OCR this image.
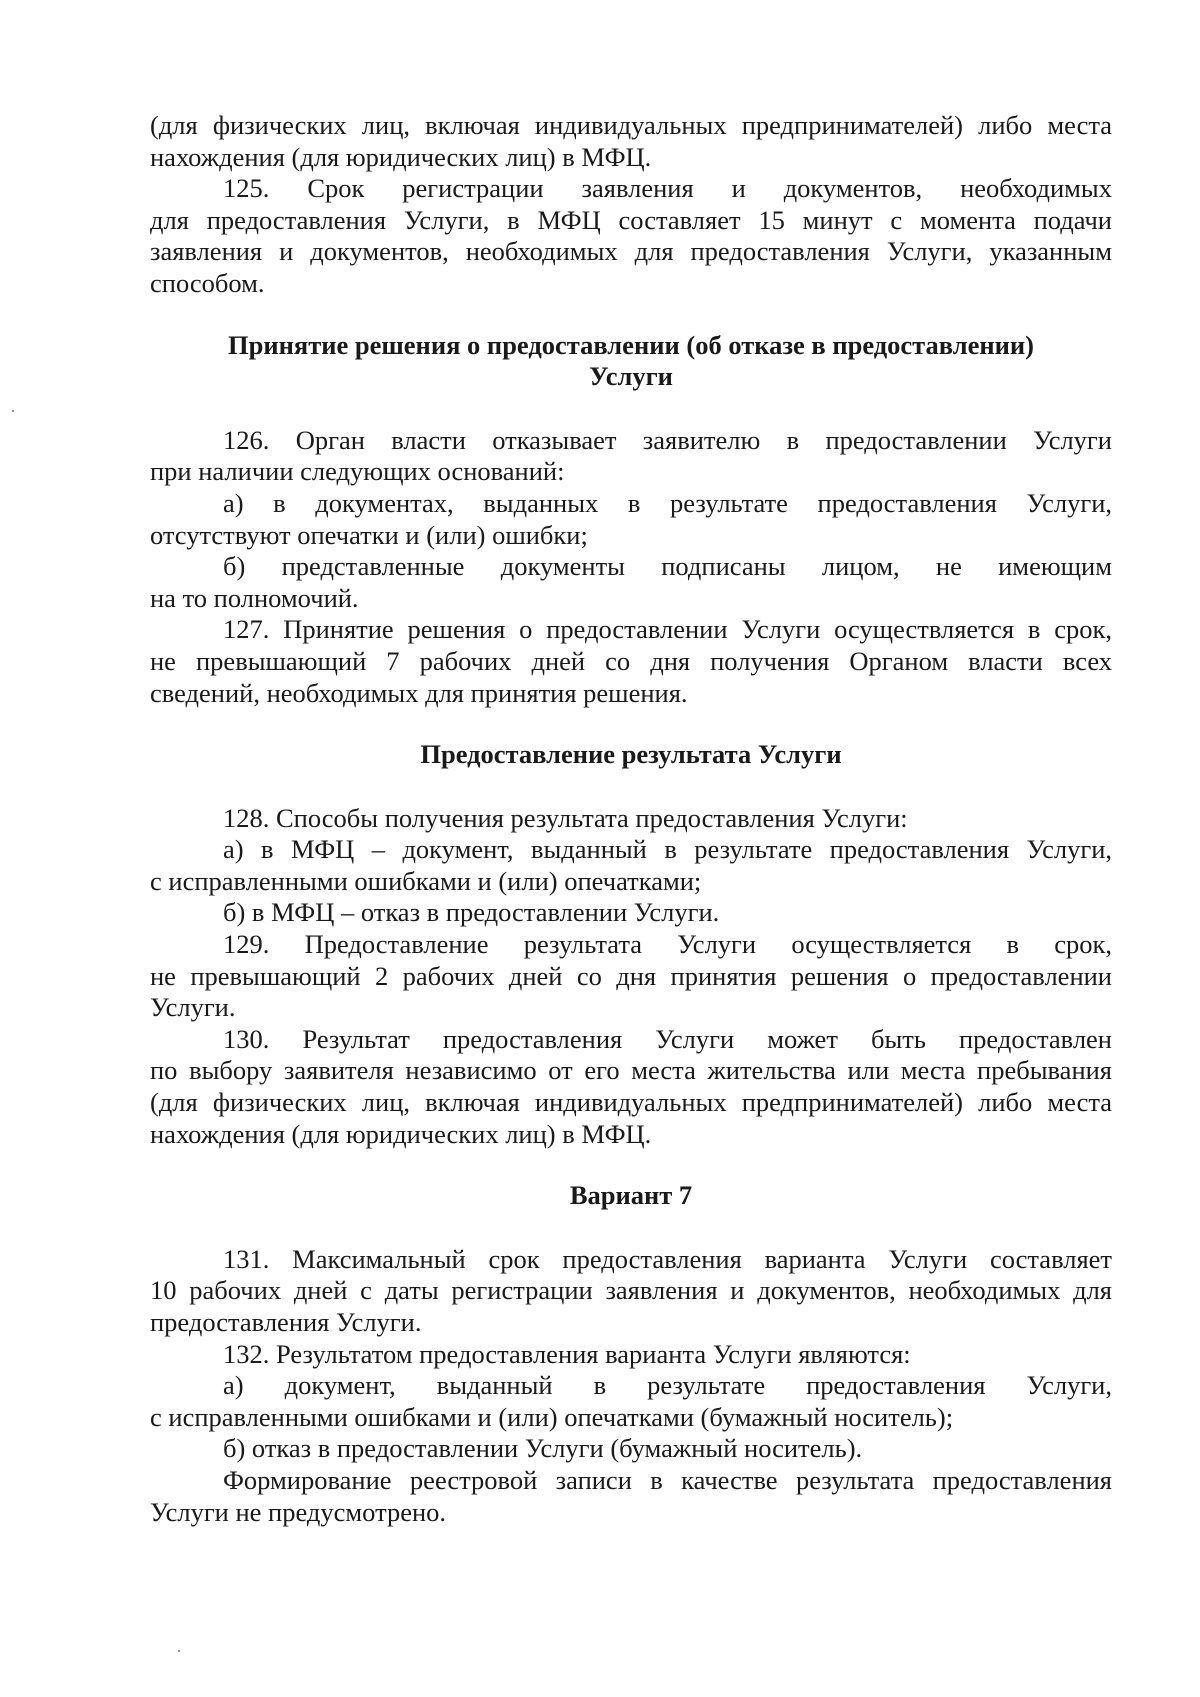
(для физических лиц, включая индивидуальных предпринимателей) либо места

нахождения (для юридических лиц) в МФЦ.

125. Срок регистрации заявления и документов, необходимых

для предоставления Услуги, в МФЦ составляет 15 минут с момента подачи

заявления и документов, необходимых для предоставления Услуги, указанным

способом.

Принятие решения о предоставлении (об отказе в предоставлении)

Услуги

126. Орган власти отказывает заявителю в предоставлении Услуги

при наличии следующих оснований:

а) в документах, выданных в результате предоставления Услуги,

отсутствуют опечатки и (или) ошибки;

б) представленные документы подписаны лицом, не имеющим

на то полномочий.

127. Принятие решения о предоставлении Услуги осуществляется в срок,

не превышающий 7 рабочих дней со дня получения Органом власти всех

сведений, необходимых для принятия решения.

Предоставление результата Услуги

128. Способы получения результата предоставления Услуги:

а) в МФЦ – документ, выданный в результате предоставления Услуги,

с исправленными ошибками и (или) опечатками;

б) в МФЦ – отказ в предоставлении Услуги.

129. Предоставление результата Услуги осуществляется в срок,

не превышающий 2 рабочих дней со дня принятия решения о предоставлении

Услуги.

130. Результат предоставления Услуги может быть предоставлен

по выбору заявителя независимо от его места жительства или места пребывания

(для физических лиц, включая индивидуальных предпринимателей) либо места

нахождения (для юридических лиц) в МФЦ.

Вариант 7

131. Максимальный срок предоставления варианта Услуги составляет

10 рабочих дней с даты регистрации заявления и документов, необходимых для

предоставления Услуги.

132. Результатом предоставления варианта Услуги являются:

а) документ, выданный в результате предоставления Услуги,

с исправленными ошибками и (или) опечатками (бумажный носитель);

б) отказ в предоставлении Услуги (бумажный носитель).

Формирование реестровой записи в качестве результата предоставления

Услуги не предусмотрено.
